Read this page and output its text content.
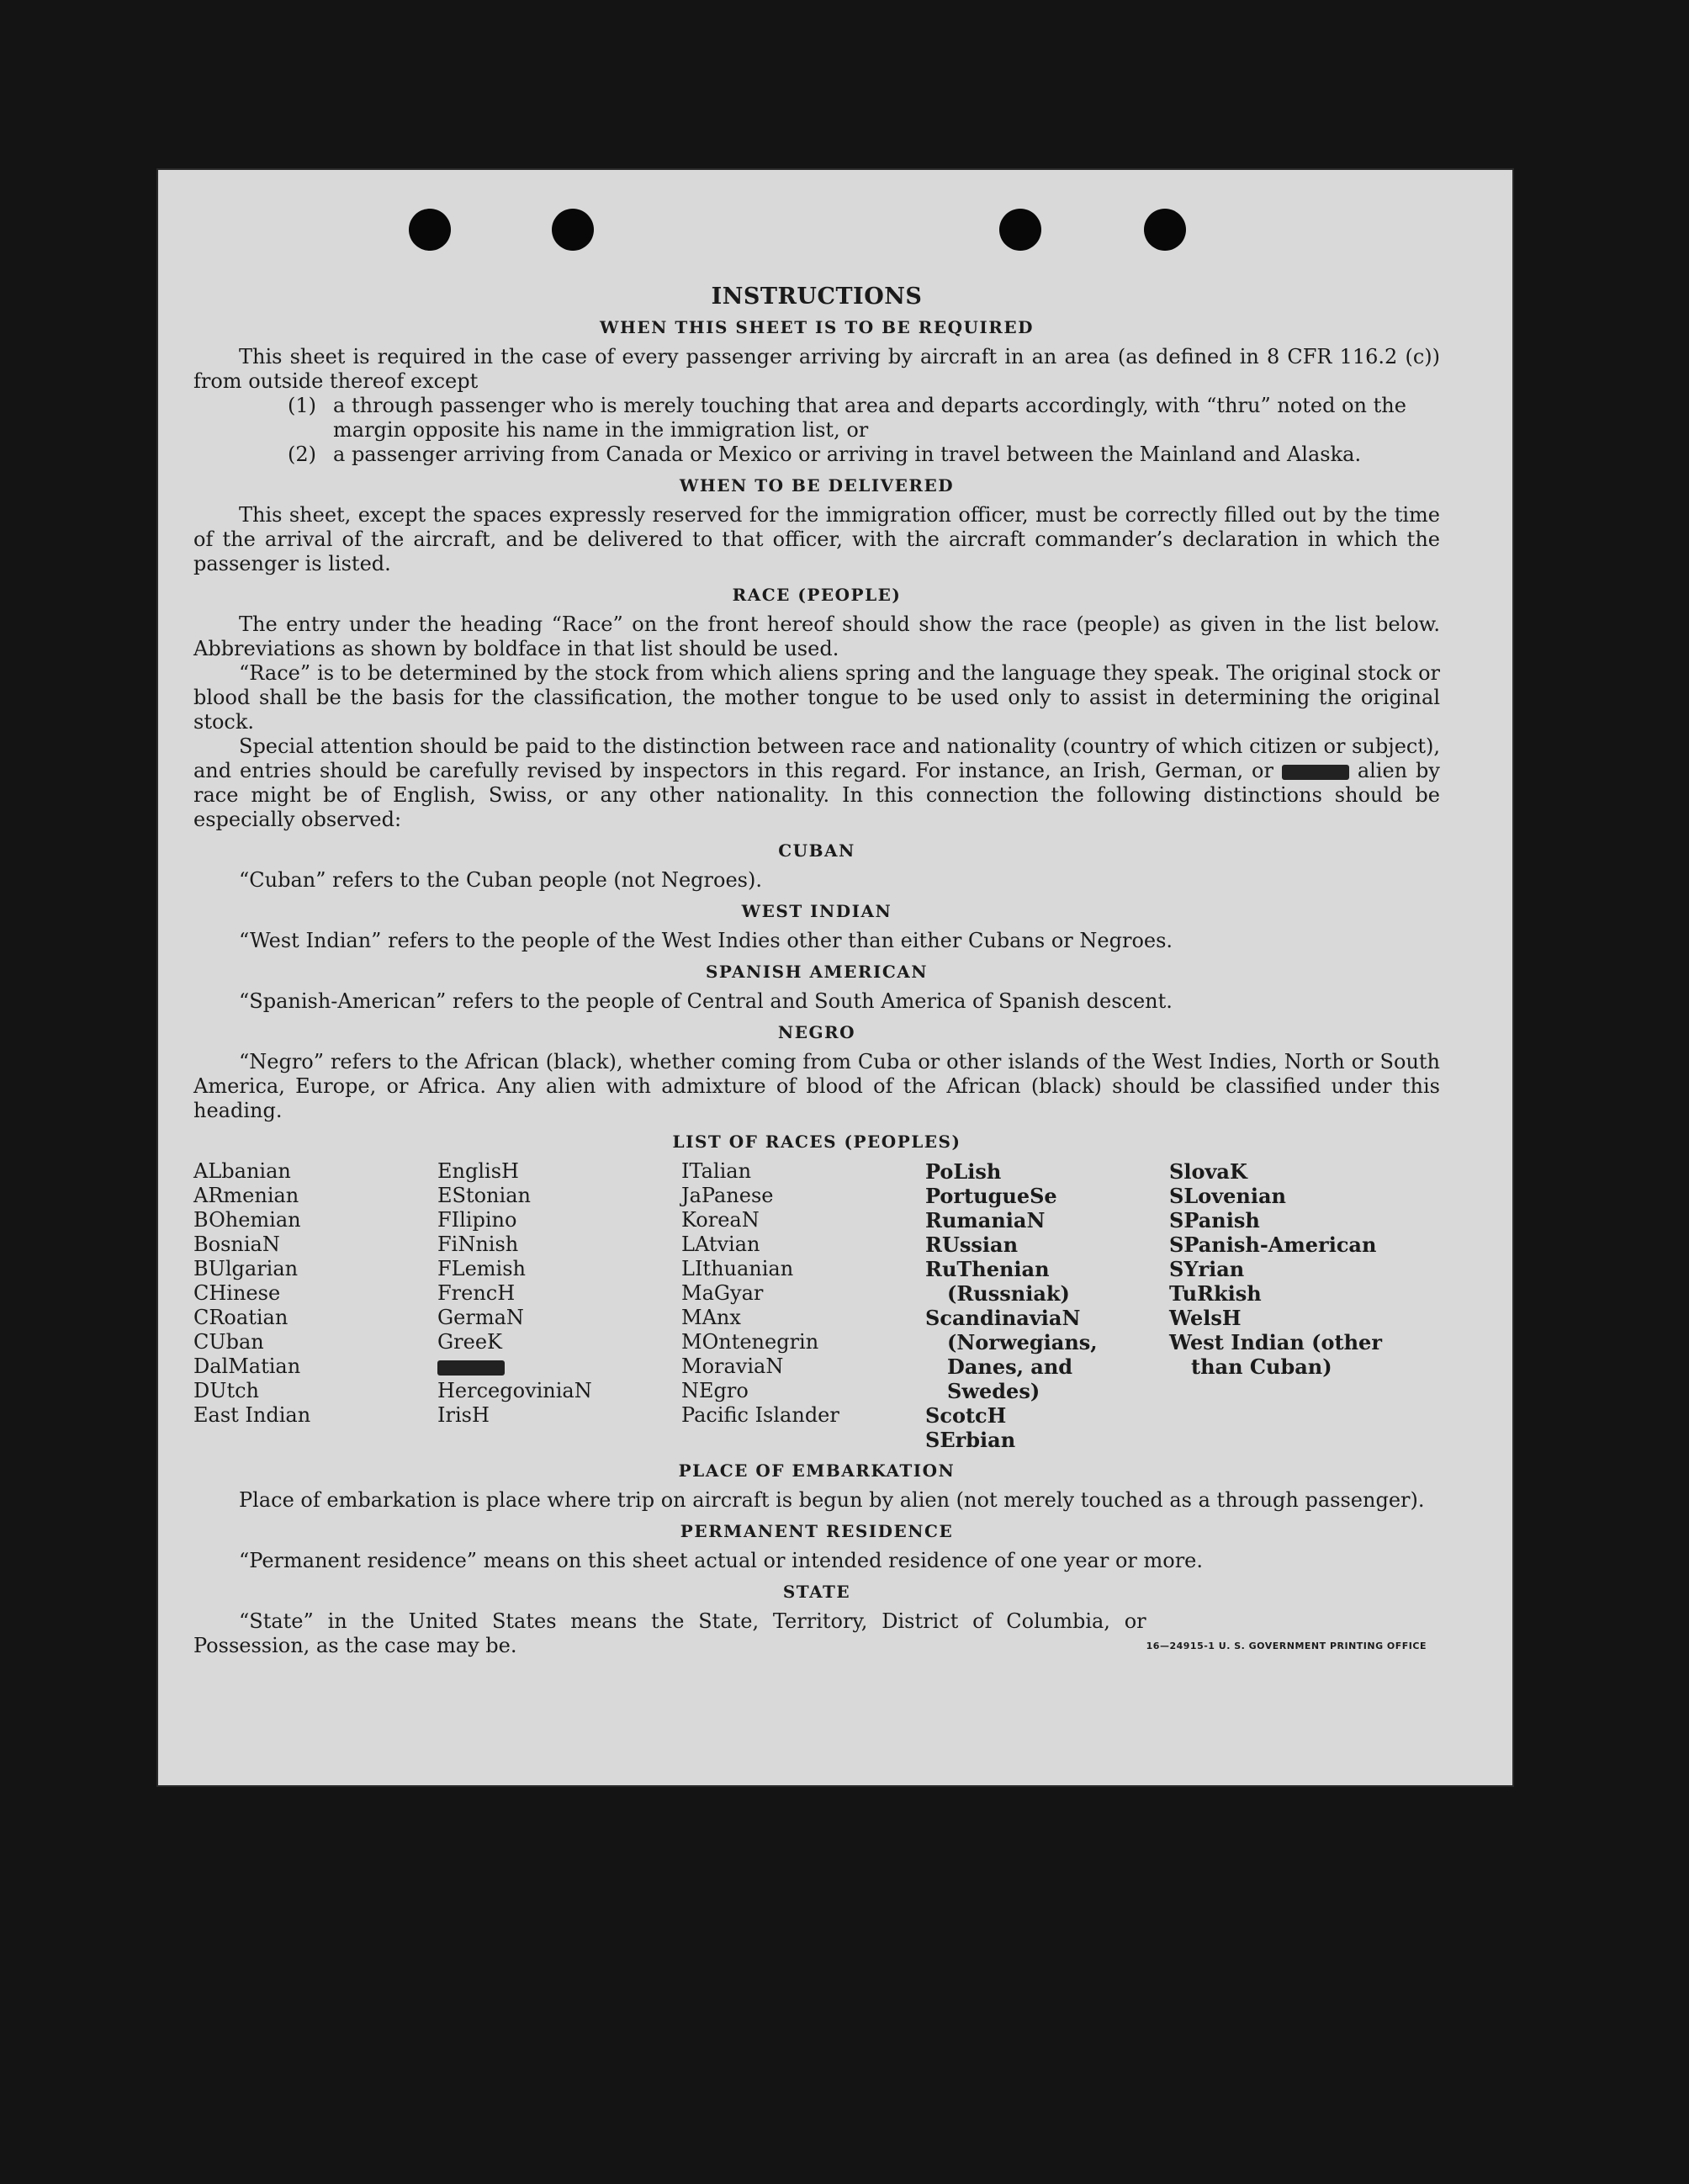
INSTRUCTIONS
WHEN THIS SHEET IS TO BE REQUIRED

This sheet is required in the case of every passenger arriving by aircraft in an area (as defined in 8 CFR 116.2 (c)) from outside thereof except

(1) a through passenger who is merely touching that area and departs accordingly, with “thru” noted on the margin opposite his name in the immigration list, or
(2) a passenger arriving from Canada or Mexico or arriving in travel between the Mainland and Alaska.
WHEN TO BE DELIVERED

This sheet, except the spaces expressly reserved for the immigration officer, must be correctly filled out by the time of the arrival of the aircraft, and be delivered to that officer, with the aircraft commander’s declaration in which the passenger is listed.

RACE (PEOPLE)

The entry under the heading “Race” on the front hereof should show the race (people) as given in the list below. Abbreviations as shown by boldface in that list should be used.

“Race” is to be determined by the stock from which aliens spring and the language they speak. The original stock or blood shall be the basis for the classification, the mother tongue to be used only to assist in determining the original stock.

Special attention should be paid to the distinction between race and nationality (country of which citizen or subject), and entries should be carefully revised by inspectors in this regard. For instance, an Irish, German, or	alien by race might be of English, Swiss, or any other nationality. In this connection the following distinctions should be especially observed:

CUBAN

“Cuban” refers to the Cuban people (not Negroes).

WEST INDIAN

“West Indian” refers to the people of the West Indies other than either Cubans or Negroes.

SPANISH AMERICAN

“Spanish-American” refers to the people of Central and South America of Spanish descent.

NEGRO

“Negro” refers to the African (black), whether coming from Cuba or other islands of the West Indies, North or South America, Europe, or Africa. Any alien with admixture of blood of the African (black) should be classified under this heading.

LIST OF RACES (PEOPLES)
ALbanian
ARmenian
BOhemian
BosniaN
BUlgarian
CHinese
CRoatian
CUban
DalMatian
DUtch
East Indian
EnglisH
EStonian
FIlipino
FiNnish
FLemish
FrencH
GermaN
GreeK
HercegoviniaN
IrisH
ITalian
JaPanese
KoreaN
LAtvian
LIthuanian
MaGyar
MAnx
MOntenegrin
MoraviaN
NEgro
Pacific Islander
PoLish
PortugueSe
RumaniaN
RUssian
RuThenian (Russniak)
ScandinaviaN (Norwegians, Danes, and Swedes)
ScotcH
SErbian
SlovaK
SLovenian
SPanish
SPanish-American
SYrian
TuRkish
WelsH
West Indian (other than Cuban)
PLACE OF EMBARKATION

Place of embarkation is place where trip on aircraft is begun by alien (not merely touched as a through passenger).

PERMANENT RESIDENCE

“Permanent residence” means on this sheet actual or intended residence of one year or more.

STATE

“State” in the United States means the State, Territory, District of Columbia, or Possession, as the case may be.	16—24915-1 U. S. GOVERNMENT PRINTING OFFICE
